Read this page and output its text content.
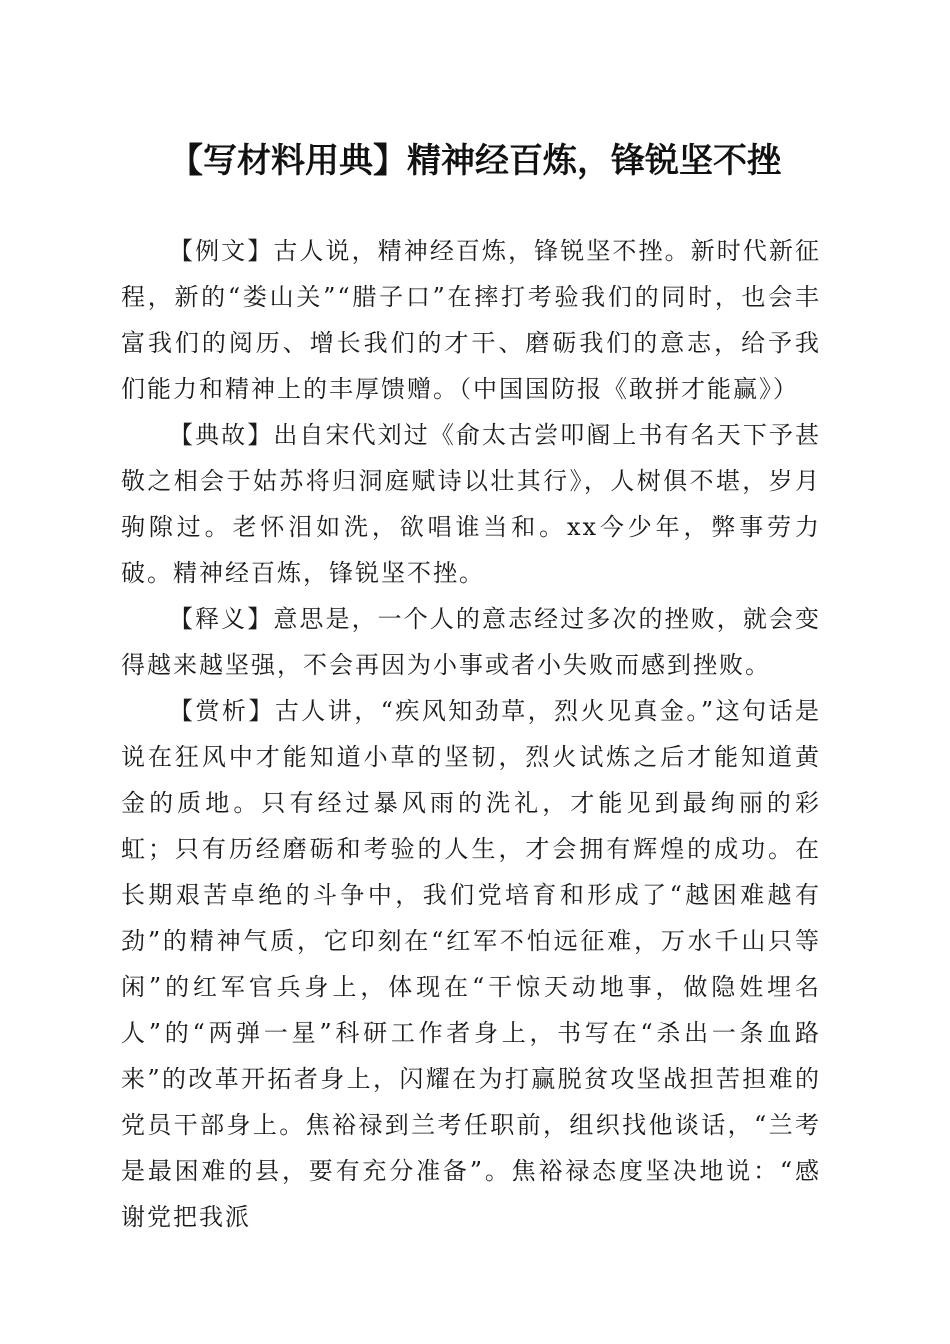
【写材料用典】精神经百炼，锋锐坚不挫

【例文】古人说，精神经百炼，锋锐坚不挫。新时代新征程，新的“娄山关”“腊子口”在摔打考验我们的同时，也会丰富我们的阅历、增长我们的才干、磨砺我们的意志，给予我们能力和精神上的丰厚馈赠。（中国国防报《敢拼才能赢》）

【典故】出自宋代刘过《俞太古尝叩阍上书有名天下予甚敬之相会于姑苏将归洞庭赋诗以壮其行》，人树俱不堪，岁月驹隙过。老怀泪如洗，欲唱谁当和。xx今少年，弊事劳力破。精神经百炼，锋锐坚不挫。

【释义】意思是，一个人的意志经过多次的挫败，就会变得越来越坚强，不会再因为小事或者小失败而感到挫败。

【赏析】古人讲，“疾风知劲草，烈火见真金。”这句话是说在狂风中才能知道小草的坚韧，烈火试炼之后才能知道黄金的质地。只有经过暴风雨的洗礼，才能见到最绚丽的彩虹；只有历经磨砺和考验的人生，才会拥有辉煌的成功。在长期艰苦卓绝的斗争中，我们党培育和形成了“越困难越有劲”的精神气质，它印刻在“红军不怕远征难，万水千山只等闲”的红军官兵身上，体现在“干惊天动地事，做隐姓埋名人”的“两弹一星”科研工作者身上，书写在“杀出一条血路来”的改革开拓者身上，闪耀在为打赢脱贫攻坚战担苦担难的党员干部身上。焦裕禄到兰考任职前，组织找他谈话，“兰考是最困难的县，要有充分准备”。焦裕禄态度坚决地说：“感谢党把我派
